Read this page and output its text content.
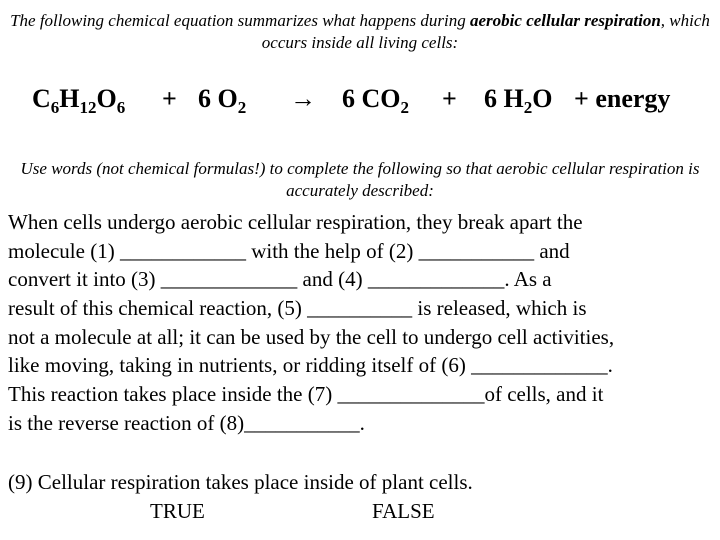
The following chemical equation summarizes what happens during aerobic cellular respiration, which occurs inside all living cells:
$C_6H_{12}O_6 + 6$ $O_2 \to 6$ $CO_2 + 6$ $H_2O$ + energy
Use words (not chemical formulas!) to complete the following so that aerobic cellular respiration is accurately described:
When cells undergo aerobic cellular respiration, they break apart the
molecule (1) ____________ with the help of (2) ___________ and
convert it into (3) _____________ and (4) _____________. As a
result of this chemical reaction, (5) __________ is released, which is
not a molecule at all; it can be used by the cell to undergo cell activities,
like moving, taking in nutrients, or ridding itself of (6) _____________.
This reaction takes place inside the (7) ______________of cells, and it
is the reverse reaction of (8)___________.
(9) Cellular respiration takes place inside of plant cells.
TRUE	FALSE
